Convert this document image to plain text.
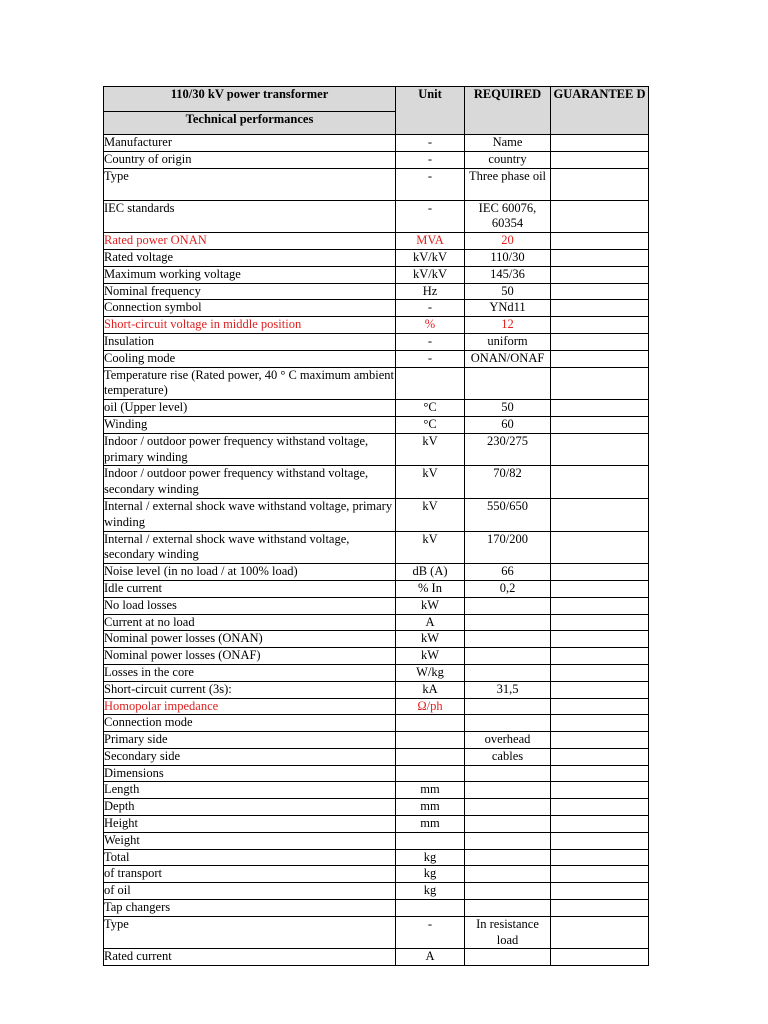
110/30 kV power transformer	Unit	REQUIRED	GUARANTEE D
Technical performances			
Manufacturer	-	Name	
Country of origin	-	country	
Type	-	Three phase oil	
IEC standards	-	IEC 60076, 60354	
Rated power ONAN	MVA	20	
Rated voltage	kV/kV	110/30	
Maximum working voltage	kV/kV	145/36	
Nominal frequency	Hz	50	
Connection symbol	-	YNd11	
Short-circuit voltage in middle position	%	12	
Insulation	-	uniform	
Cooling mode	-	ONAN/ONAF	
Temperature rise (Rated power, 40 ° C maximum ambient temperature)			
oil (Upper level)	°C	50	
Winding	°C	60	
Indoor / outdoor power frequency withstand voltage, primary winding	kV	230/275	
Indoor / outdoor power frequency withstand voltage, secondary winding	kV	70/82	
Internal / external shock wave withstand voltage, primary winding	kV	550/650	
Internal / external shock wave withstand voltage, secondary winding	kV	170/200	
Noise level (in no load / at 100% load)	dB (A)	66	
Idle current	% In	0,2	
No load losses	kW		
Current at no load	A		
Nominal power losses (ONAN)	kW		
Nominal power losses (ONAF)	kW		
Losses in the core	W/kg		
Short-circuit current (3s):	kA	31,5	
Homopolar impedance	Ω/ph		
Connection mode			
Primary side		overhead	
Secondary side		cables	
Dimensions			
Length	mm		
Depth	mm		
Height	mm		
Weight			
Total	kg		
of transport	kg		
of oil	kg		
Tap changers			
Type	-	In resistance load	
Rated current	A		
